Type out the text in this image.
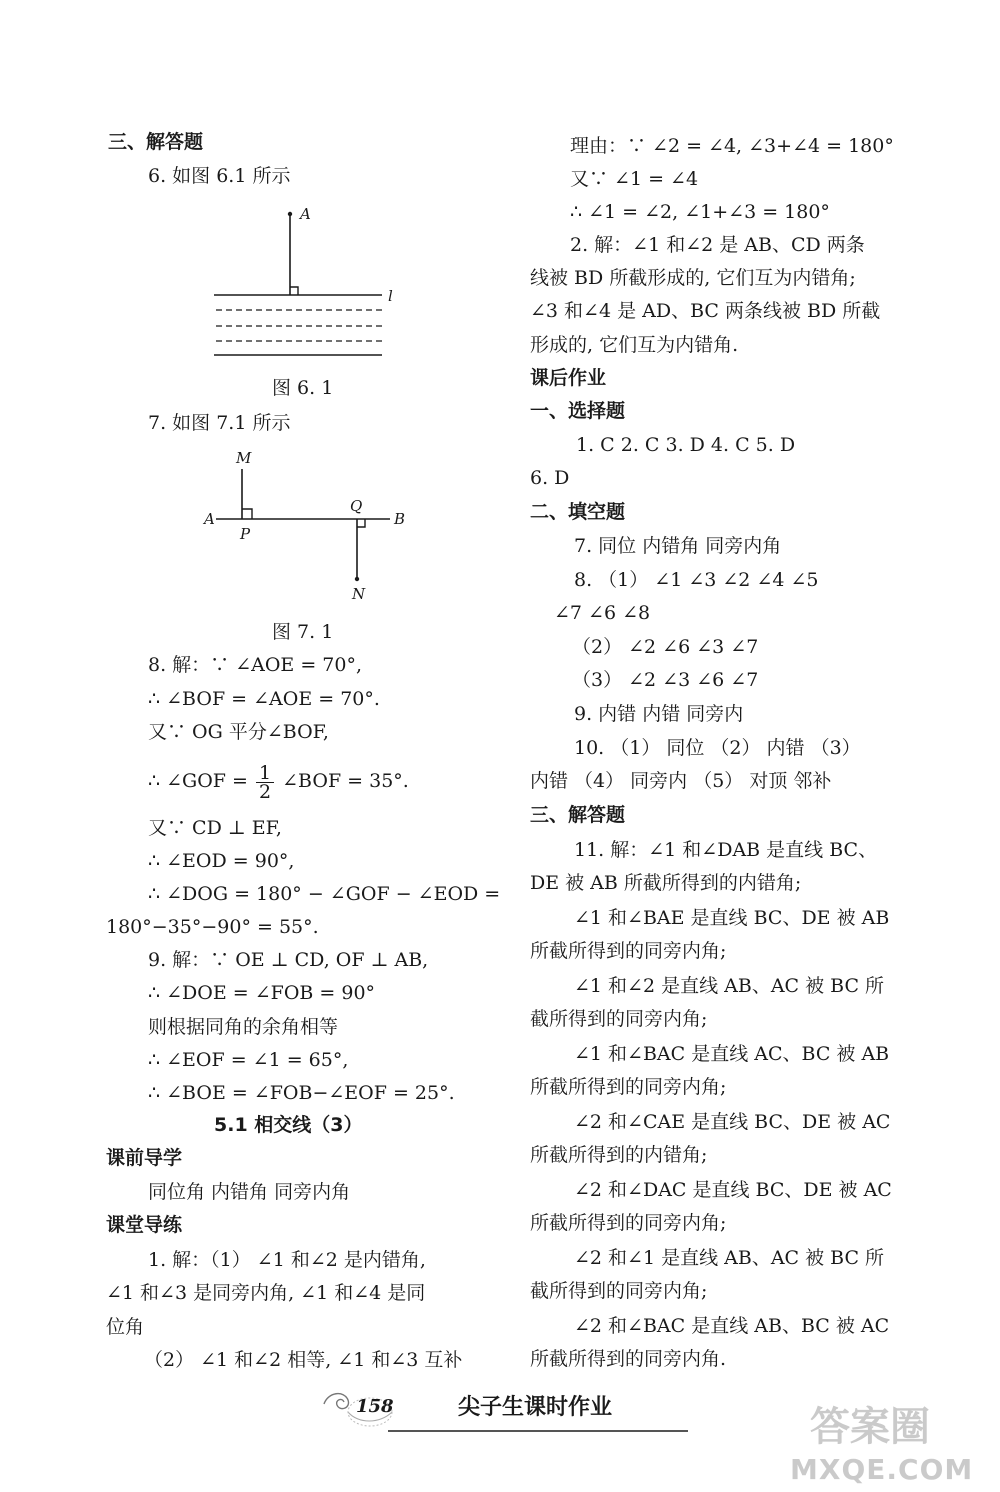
三、解答题
6. 如图 6.1 所示
A
l
图 6. 1
7. 如图 7.1 所示
M
Q
A
P
B
N
图 7. 1
8. 解：∵ ∠AOE = 70°,
∴ ∠BOF = ∠AOE = 70°.
又∵ OG 平分∠BOF,
∴ ∠GOF = $\frac{1}{2}$ ∠BOF = 35°.
又∵ CD ⊥ EF,
∴ ∠EOD = 90°,
∴ ∠DOG = 180° − ∠GOF − ∠EOD =
180°−35°−90° = 55°.
9. 解：∵ OE ⊥ CD, OF ⊥ AB,
∴ ∠DOE = ∠FOB = 90°
则根据同角的余角相等
∴ ∠EOF = ∠1 = 65°,
∴ ∠BOE = ∠FOB−∠EOF = 25°.
5.1 相交线（3）
课前导学
同位角 内错角 同旁内角
课堂导练
1. 解：（1） ∠1 和∠2 是内错角,
∠1 和∠3 是同旁内角, ∠1 和∠4 是同
位角
（2） ∠1 和∠2 相等, ∠1 和∠3 互补
理由：∵ ∠2 = ∠4, ∠3+∠4 = 180°
又∵ ∠1 = ∠4
∴ ∠1 = ∠2, ∠1+∠3 = 180°
2. 解：∠1 和∠2 是 AB、CD 两条
线被 BD 所截形成的, 它们互为内错角;
∠3 和∠4 是 AD、BC 两条线被 BD 所截
形成的, 它们互为内错角.
课后作业
一、选择题
1. C 2. C 3. D 4. C 5. D
6. D
二、填空题
7. 同位 内错角 同旁内角
8. （1） ∠1 ∠3 ∠2 ∠4 ∠5
∠7 ∠6 ∠8
（2） ∠2 ∠6 ∠3 ∠7
（3） ∠2 ∠3 ∠6 ∠7
9. 内错 内错 同旁内
10. （1） 同位 （2） 内错 （3）
内错 （4） 同旁内 （5） 对顶 邻补
三、解答题
11. 解：∠1 和∠DAB 是直线 BC、
DE 被 AB 所截所得到的内错角;
∠1 和∠BAE 是直线 BC、DE 被 AB
所截所得到的同旁内角;
∠1 和∠2 是直线 AB、AC 被 BC 所
截所得到的同旁内角;
∠1 和∠BAC 是直线 AC、BC 被 AB
所截所得到的同旁内角;
∠2 和∠CAE 是直线 BC、DE 被 AC
所截所得到的内错角;
∠2 和∠DAC 是直线 BC、DE 被 AC
所截所得到的同旁内角;
∠2 和∠1 是直线 AB、AC 被 BC 所
截所得到的同旁内角;
∠2 和∠BAC 是直线 AB、BC 被 AC
所截所得到的同旁内角.
158	尖子生课时作业	答案圈
MXQE.COM
